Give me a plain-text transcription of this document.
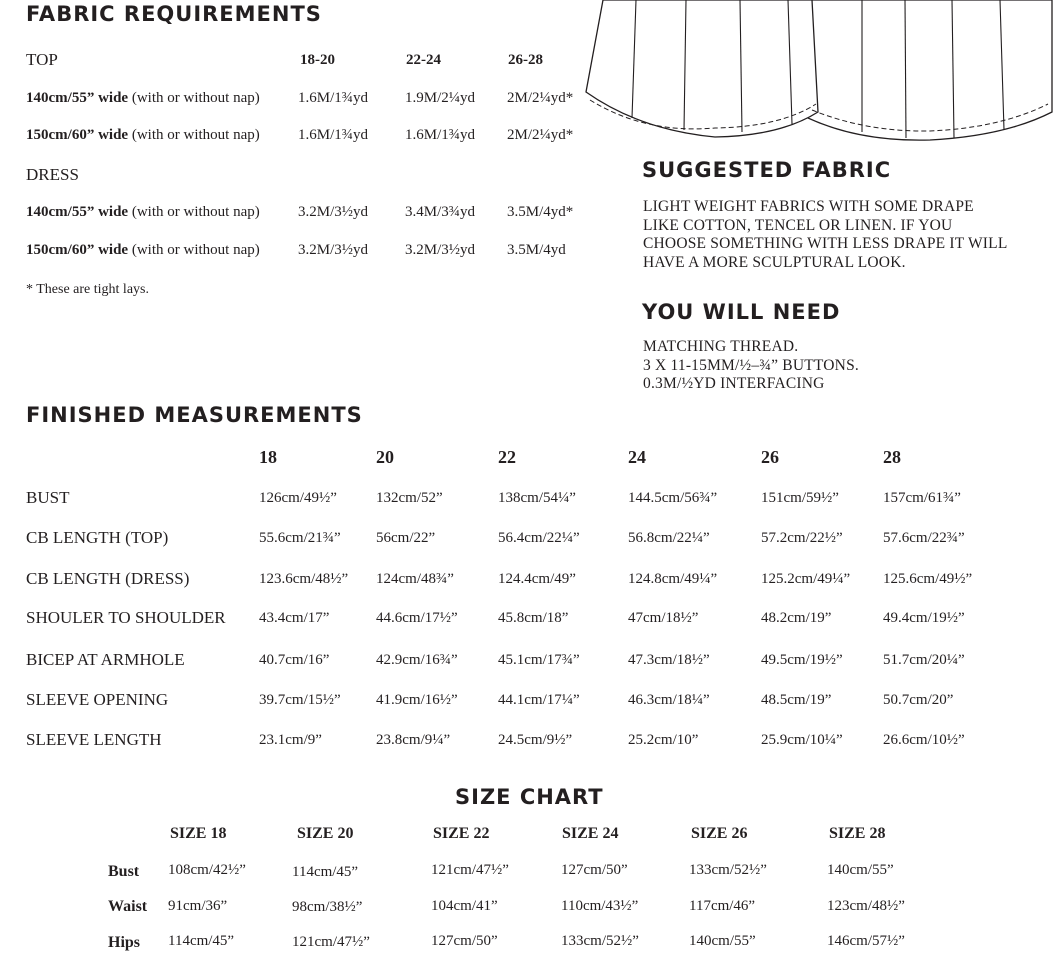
FABRIC REQUIREMENTS
TOP	18-20	22-24	26-28
140cm/55” wide (with or without nap)	1.6M/1¾yd 1.9M/2¼yd 2M/2¼yd*
150cm/60” wide (with or without nap)	1.6M/1¾yd 1.6M/1¾yd 2M/2¼yd*
DRESS
140cm/55” wide (with or without nap)	3.2M/3½yd 3.4M/3¾yd 3.5M/4yd*
150cm/60” wide (with or without nap)	3.2M/3½yd 3.2M/3½yd 3.5M/4yd
* These are tight lays.
SUGGESTED FABRIC
LIGHT WEIGHT FABRICS WITH SOME DRAPE
LIKE COTTON, TENCEL OR LINEN. IF YOU
CHOOSE SOMETHING WITH LESS DRAPE IT WILL
HAVE A MORE SCULPTURAL LOOK.
YOU WILL NEED
MATCHING THREAD.
3 X 11-15MM/½–¾” BUTTONS.
0.3M/½YD INTERFACING
FINISHED MEASUREMENTS
18	20	22	24	26	28
BUST	126cm/49½”	132cm/52”	138cm/54¼”	144.5cm/56¾”	151cm/59½”	157cm/61¾”
CB LENGTH (TOP)	55.6cm/21¾” 56cm/22”	56.4cm/22¼”	56.8cm/22¼”	57.2cm/22½”	57.6cm/22¾”
CB LENGTH (DRESS)	123.6cm/48½” 124cm/48¾”	124.4cm/49”	124.8cm/49¼”	125.2cm/49¼” 125.6cm/49½”
SHOULER TO SHOULDER 43.4cm/17”	44.6cm/17½”	45.8cm/18”	47cm/18½”	48.2cm/19”	49.4cm/19½”
BICEP AT ARMHOLE	40.7cm/16”	42.9cm/16¾”	45.1cm/17¾”	47.3cm/18½”	49.5cm/19½”	51.7cm/20¼”
SLEEVE OPENING	39.7cm/15½” 41.9cm/16½”	44.1cm/17¼”	46.3cm/18¼”	48.5cm/19”	50.7cm/20”
SLEEVE LENGTH	23.1cm/9”	23.8cm/9¼”	24.5cm/9½”	25.2cm/10”	25.9cm/10¼”	26.6cm/10½”
SIZE CHART
SIZE 18	SIZE 20	SIZE 22	SIZE 24	SIZE 26	SIZE 28
Bust 108cm/42½”	114cm/45”	121cm/47½”	127cm/50”	133cm/52½”	140cm/55”
Waist 91cm/36”	98cm/38½”	104cm/41”	110cm/43½”	117cm/46”	123cm/48½”
Hips 114cm/45”	121cm/47½”	127cm/50”	133cm/52½”	140cm/55”	146cm/57½”
